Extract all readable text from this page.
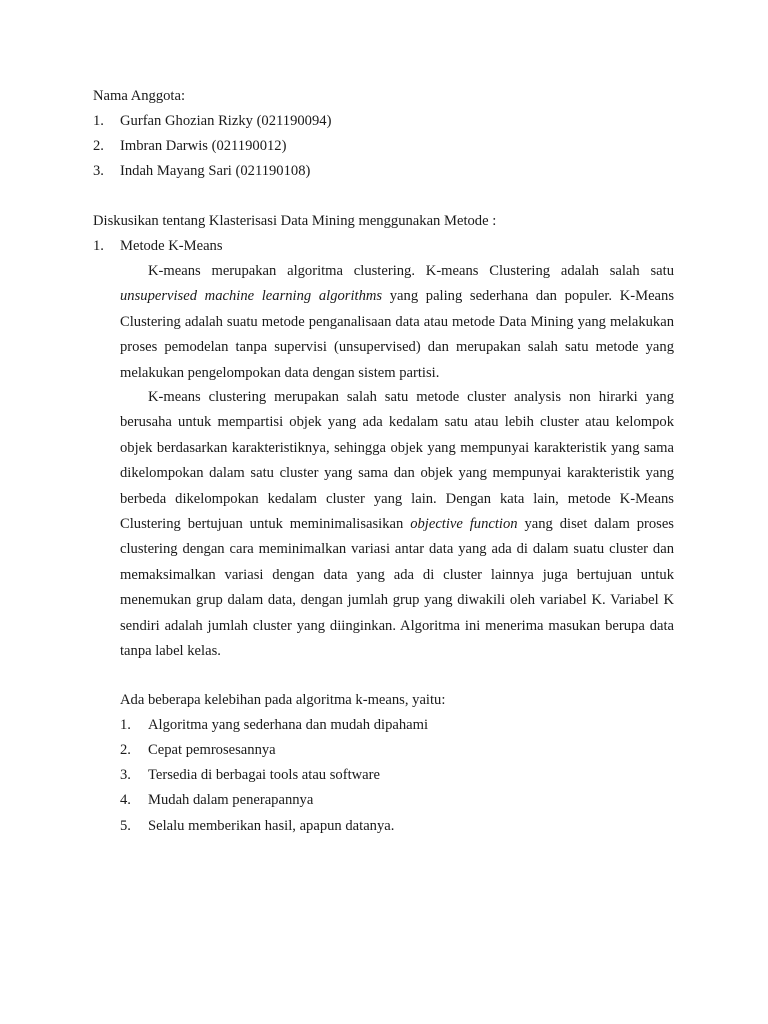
Nama Anggota:
1. Gurfan Ghozian Rizky (021190094)
2. Imbran Darwis (021190012)
3. Indah Mayang Sari (021190108)
Diskusikan tentang Klasterisasi Data Mining menggunakan Metode :
1. Metode K-Means

K-means merupakan algoritma clustering. K-means Clustering adalah salah satu unsupervised machine learning algorithms yang paling sederhana dan populer. K-Means Clustering adalah suatu metode penganalisaan data atau metode Data Mining yang melakukan proses pemodelan tanpa supervisi (unsupervised) dan merupakan salah satu metode yang melakukan pengelompokan data dengan sistem partisi.

K-means clustering merupakan salah satu metode cluster analysis non hirarki yang berusaha untuk mempartisi objek yang ada kedalam satu atau lebih cluster atau kelompok objek berdasarkan karakteristiknya, sehingga objek yang mempunyai karakteristik yang sama dikelompokan dalam satu cluster yang sama dan objek yang mempunyai karakteristik yang berbeda dikelompokan kedalam cluster yang lain. Dengan kata lain, metode K-Means Clustering bertujuan untuk meminimalisasikan objective function yang diset dalam proses clustering dengan cara meminimalkan variasi antar data yang ada di dalam suatu cluster dan memaksimalkan variasi dengan data yang ada di cluster lainnya juga bertujuan untuk menemukan grup dalam data, dengan jumlah grup yang diwakili oleh variabel K. Variabel K sendiri adalah jumlah cluster yang diinginkan. Algoritma ini menerima masukan berupa data tanpa label kelas.

Ada beberapa kelebihan pada algoritma k-means, yaitu:
1. Algoritma yang sederhana dan mudah dipahami
2. Cepat pemrosesannya
3. Tersedia di berbagai tools atau software
4. Mudah dalam penerapannya
5. Selalu memberikan hasil, apapun datanya.
